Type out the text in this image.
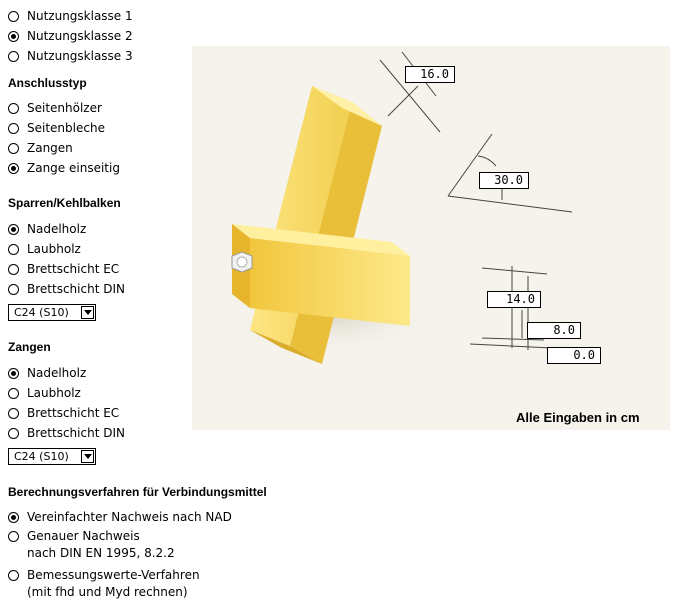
Nutzungsklasse 1
Nutzungsklasse 2
Nutzungsklasse 3
Anschlusstyp
Seitenhölzer
Seitenbleche
Zangen
Zange einseitig
Sparren/Kehlbalken
Nadelholz
Laubholz
Brettschicht EC
Brettschicht DIN
C24 (S10)
Zangen
Nadelholz
Laubholz
Brettschicht EC
Brettschicht DIN
C24 (S10)
Berechnungsverfahren für Verbindungsmittel
Vereinfachter Nachweis nach NAD
Genauer Nachweis
nach DIN EN 1995, 8.2.2
Bemessungswerte-Verfahren
(mit fhd und Myd rechnen)
16.0
30.0
14.0
8.0
0.0
Alle Eingaben in cm
